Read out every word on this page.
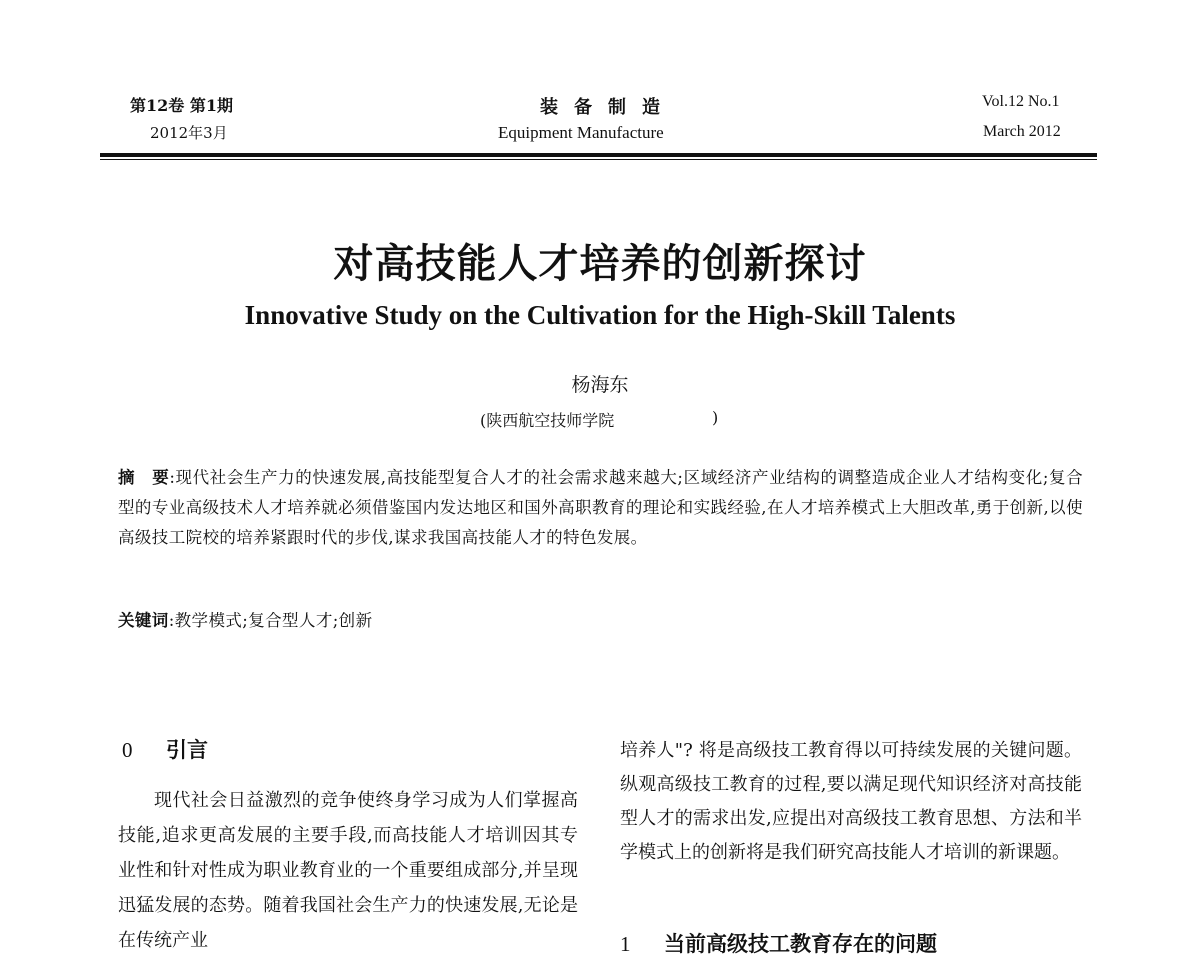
第12卷 第1期
2012年3月
装备制造
Equipment Manufacture
Vol.12 No.1
March 2012
对高技能人才培养的创新探讨
Innovative Study on the Cultivation for the High-Skill Talents
杨海东
(陕西航空技师学院	)
摘　要:现代社会生产力的快速发展,高技能型复合人才的社会需求越来越大;区域经济产业结构的调整造成企业人才结构变化;复合型的专业高级技术人才培养就必须借鉴国内发达地区和国外高职教育的理论和实践经验,在人才培养模式上大胆改革,勇于创新,以使高级技工院校的培养紧跟时代的步伐,谋求我国高技能人才的特色发展。
关键词:教学模式;复合型人才;创新
0 引言
现代社会日益激烈的竞争使终身学习成为人们掌握高技能,追求更高发展的主要手段,而高技能人才培训因其专业性和针对性成为职业教育业的一个重要组成部分,并呈现迅猛发展的态势。随着我国社会生产力的快速发展,无论是在传统产业
培养人"? 将是高级技工教育得以可持续发展的关键问题。纵观高级技工教育的过程,要以满足现代知识经济对高技能型人才的需求出发,应提出对高级技工教育思想、方法和半学模式上的创新将是我们研究高技能人才培训的新课题。
1 当前高级技工教育存在的问题
